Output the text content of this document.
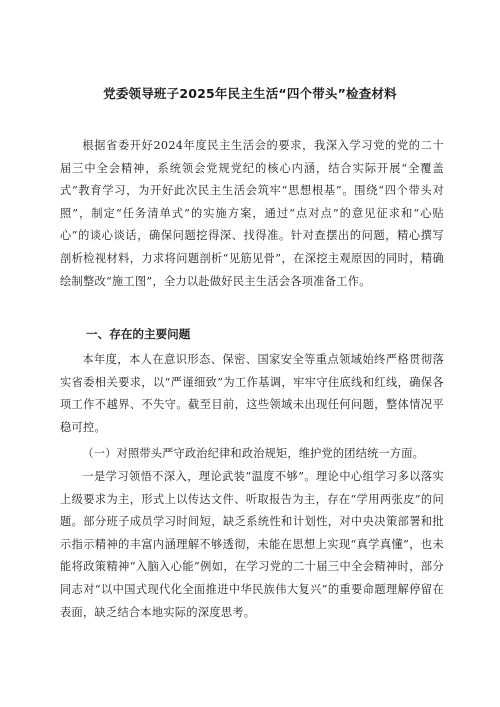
党委领导班子2025年民主生活“四个带头”检查材料
根据省委开好2024年度民主生活会的要求，我深入学习党的党的二十届三中全会精神，系统领会党规党纪的核心内涵，结合实际开展“全覆盖式”教育学习，为开好此次民主生活会筑牢“思想根基”。围绕“四个带头对照”，制定“任务清单式”的实施方案，通过“点对点”的意见征求和“心贴心”的谈心谈话，确保问题挖得深、找得准。针对查摆出的问题，精心撰写剖析检视材料，力求将问题剖析“见筋见骨”，在深挖主观原因的同时，精确绘制整改“施工图”，全力以赴做好民主生活会各项准备工作。
一、存在的主要问题
本年度，本人在意识形态、保密、国家安全等重点领域始终严格贯彻落实省委相关要求，以“严谨细致”为工作基调，牢牢守住底线和红线，确保各项工作不越界、不失守。截至目前，这些领域未出现任何问题，整体情况平稳可控。
（一）对照带头严守政治纪律和政治规矩，维护党的团结统一方面。
一是学习领悟不深入，理论武装“温度不够”。理论中心组学习多以落实上级要求为主，形式上以传达文件、听取报告为主，存在“学用两张皮”的问题。部分班子成员学习时间短，缺乏系统性和计划性，对中央决策部署和批示指示精神的丰富内涵理解不够透彻，未能在思想上实现“真学真懂”，也未能将政策精神“入脑入心能”例如，在学习党的二十届三中全会精神时，部分同志对“以中国式现代化全面推进中华民族伟大复兴”的重要命题理解停留在表面，缺乏结合本地实际的深度思考。
